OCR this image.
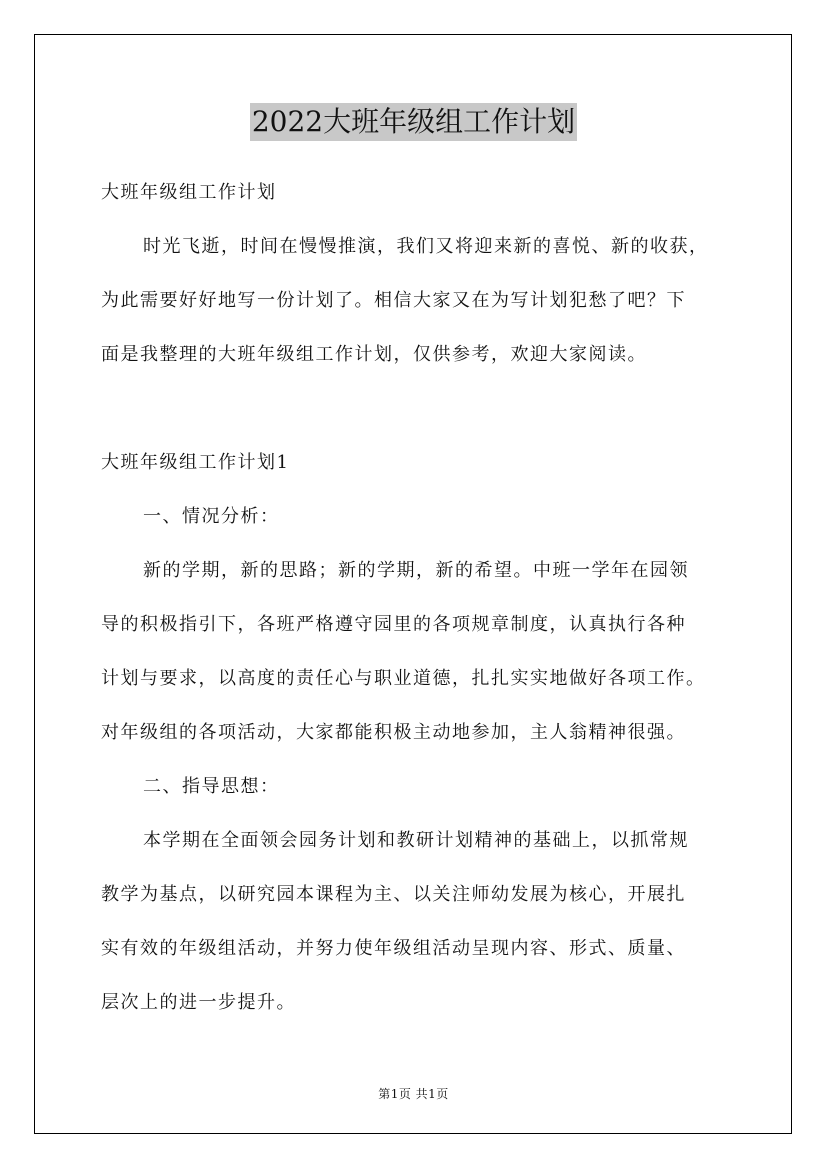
2022大班年级组工作计划
大班年级组工作计划
时光飞逝，时间在慢慢推演，我们又将迎来新的喜悦、新的收获，
为此需要好好地写一份计划了。相信大家又在为写计划犯愁了吧？下
面是我整理的大班年级组工作计划，仅供参考，欢迎大家阅读。
大班年级组工作计划1
一、情况分析：
新的学期，新的思路；新的学期，新的希望。中班一学年在园领
导的积极指引下，各班严格遵守园里的各项规章制度，认真执行各种
计划与要求，以高度的责任心与职业道德，扎扎实实地做好各项工作。
对年级组的各项活动，大家都能积极主动地参加，主人翁精神很强。
二、指导思想：
本学期在全面领会园务计划和教研计划精神的基础上，以抓常规
教学为基点，以研究园本课程为主、以关注师幼发展为核心，开展扎
实有效的年级组活动，并努力使年级组活动呈现内容、形式、质量、
层次上的进一步提升。
第1页 共1页
